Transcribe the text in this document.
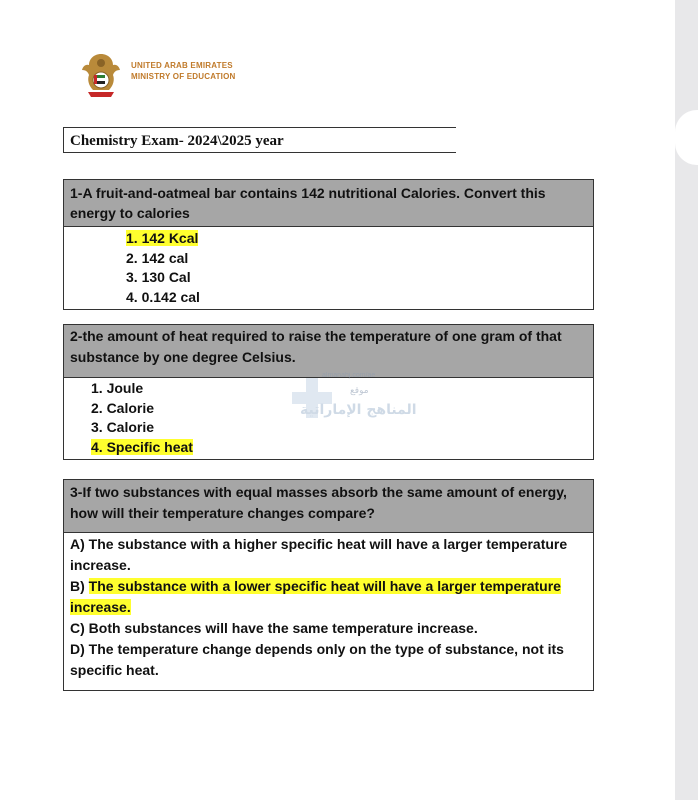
UNITED ARAB EMIRATES
MINISTRY OF EDUCATION
Chemistry Exam- 2024\2025 year
1-A fruit-and-oatmeal bar contains 142 nutritional Calories. Convert this energy to calories
1. 142 Kcal
2. 142 cal
3. 130 Cal
4. 0.142 cal
2-the amount of heat required to raise the temperature of one gram of that substance by one degree Celsius.
1. Joule
2. Calorie
3. Calorie
4. Specific heat
3-If two substances with equal masses absorb the same amount of energy, how will their temperature changes compare?
A) The substance with a higher specific heat will have a larger temperature increase.
B) The substance with a lower specific heat will have a larger temperature increase.
C) Both substances will have the same temperature increase.
D) The temperature change depends only on the type of substance, not its specific heat.
almanahj.com/ae
موقع
المناهج الإماراتية
